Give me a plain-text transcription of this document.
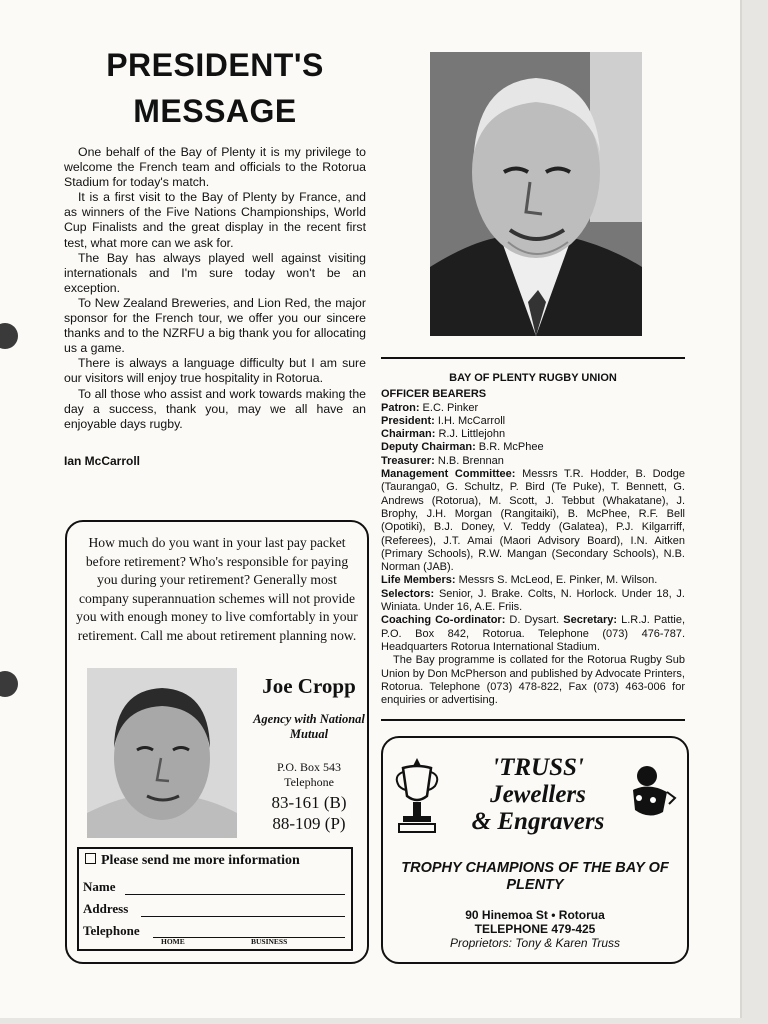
PRESIDENT'S MESSAGE

One behalf of the Bay of Plenty it is my privilege to welcome the French team and officials to the Rotorua Stadium for today's match.

It is a first visit to the Bay of Plenty by France, and as winners of the Five Nations Championships, World Cup Finalists and the great display in the recent first test, what more can we ask for.

The Bay has always played well against visiting internationals and I'm sure today won't be an exception.

To New Zealand Breweries, and Lion Red, the major sponsor for the French tour, we offer you our sincere thanks and to the NZRFU a big thank you for allocating us a game.

There is always a language difficulty but I am sure our visitors will enjoy true hospitality in Rotorua.

To all those who assist and work towards making the day a success, thank you, may we all have an enjoyable days rugby.

Ian McCarroll
BAY OF PLENTY RUGBY UNION
OFFICER BEARERS

Patron: E.C. Pinker

President: I.H. McCarroll

Chairman: R.J. Littlejohn

Deputy Chairman: B.R. McPhee

Treasurer: N.B. Brennan

Management Committee: Messrs T.R. Hodder, B. Dodge (Tauranga0, G. Schultz, P. Bird (Te Puke), T. Bennett, G. Andrews (Rotorua), M. Scott, J. Tebbut (Whakatane), J. Brophy, J.H. Morgan (Rangitaiki), B. McPhee, R.F. Bell (Opotiki), B.J. Doney, V. Teddy (Galatea), P.J. Kilgarriff, (Referees), J.T. Amai (Maori Advisory Board), I.N. Aitken (Primary Schools), R.W. Mangan (Secondary Schools), N.B. Norman (JAB).

Life Members: Messrs S. McLeod, E. Pinker, M. Wilson.

Selectors: Senior, J. Brake. Colts, N. Horlock. Under 18, J. Winiata. Under 16, A.E. Friis.

Coaching Co-ordinator: D. Dysart. Secretary: L.R.J. Pattie, P.O. Box 842, Rotorua. Telephone (073) 476-787. Headquarters Rotorua International Stadium.

The Bay programme is collated for the Rotorua Rugby Sub Union by Don McPherson and published by Advocate Printers, Rotorua. Telephone (073) 478-822, Fax (073) 463-006 for enquiries or advertising.

How much do you want in your last pay packet before retirement? Who's responsible for paying you during your retirement? Generally most company superannuation schemes will not provide you with enough money to live comfortably in your retirement. Call me about retirement planning now.
Joe Cropp
Agency with National Mutual
P.O. Box 543
Telephone
83-161 (B)
88-109 (P)
Please send me more information
Name
Address
Telephone
HOME	BUSINESS
'TRUSS'
Jewellers
& Engravers
TROPHY CHAMPIONS OF THE BAY OF PLENTY
90 Hinemoa St • Rotorua
TELEPHONE 479-425
Proprietors: Tony & Karen Truss
